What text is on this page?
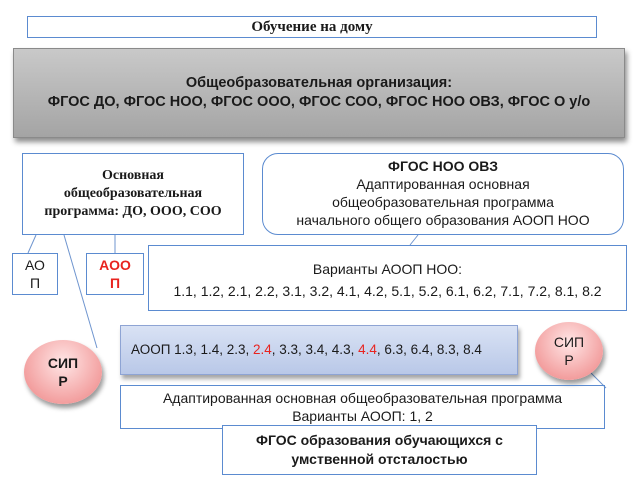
Обучение на дому
Общеобразовательная организация:
ФГОС ДО, ФГОС НОО, ФГОС ООО, ФГОС СОО, ФГОС НОО ОВЗ, ФГОС О у/о
Основная
общеобразовательная
программа: ДО, ООО, СОО
ФГОС НОО ОВЗ
Адаптированная основная
общеобразовательная программа
начального общего образования АООП НОО
АО
П
АОО
П
Варианты АООП НОО:
1.1, 1.2, 2.1, 2.2, 3.1, 3.2, 4.1, 4.2, 5.1, 5.2, 6.1, 6.2, 7.1, 7.2, 8.1, 8.2
АООП 1.3, 1.4, 2.3, 2.4, 3.3, 3.4, 4.3, 4.4, 6.3, 6.4, 8.3, 8.4
СИП
Р
СИП
Р
Адаптированная основная общеобразовательная программа
Варианты АООП: 1, 2
ФГОС образования обучающихся с
умственной отсталостью
